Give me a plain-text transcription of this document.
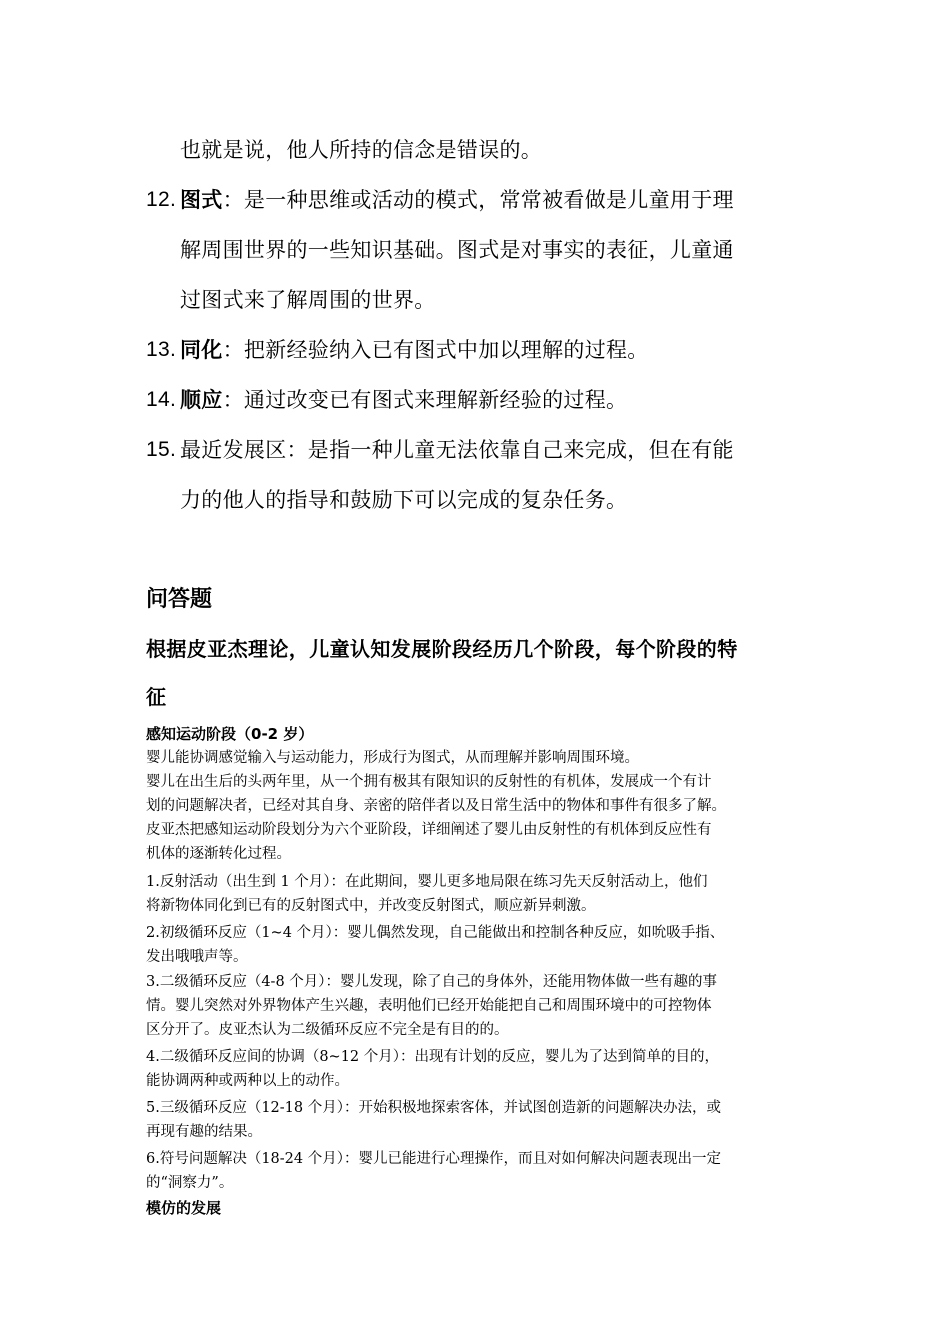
也就是说，他人所持的信念是错误的。
12. 图式：是一种思维或活动的模式，常常被看做是儿童用于理
解周围世界的一些知识基础。图式是对事实的表征，儿童通
过图式来了解周围的世界。
13. 同化：把新经验纳入已有图式中加以理解的过程。
14. 顺应：通过改变已有图式来理解新经验的过程。
15. 最近发展区：是指一种儿童无法依靠自己来完成，但在有能
力的他人的指导和鼓励下可以完成的复杂任务。
问答题
根据皮亚杰理论，儿童认知发展阶段经历几个阶段，每个阶段的特
征
感知运动阶段（0-2 岁）
婴儿能协调感觉输入与运动能力，形成行为图式，从而理解并影响周围环境。
婴儿在出生后的头两年里，从一个拥有极其有限知识的反射性的有机体，发展成一个有计
划的问题解决者，已经对其自身、亲密的陪伴者以及日常生活中的物体和事件有很多了解。
皮亚杰把感知运动阶段划分为六个亚阶段，详细阐述了婴儿由反射性的有机体到反应性有
机体的逐渐转化过程。
1.反射活动（出生到 1 个月）：在此期间，婴儿更多地局限在练习先天反射活动上，他们
将新物体同化到已有的反射图式中，并改变反射图式，顺应新异刺激。
2.初级循环反应（1~4 个月）：婴儿偶然发现，自己能做出和控制各种反应，如吮吸手指、
发出哦哦声等。
3.二级循环反应（4-8 个月）：婴儿发现，除了自己的身体外，还能用物体做一些有趣的事
情。婴儿突然对外界物体产生兴趣，表明他们已经开始能把自己和周围环境中的可控物体
区分开了。皮亚杰认为二级循环反应不完全是有目的的。
4.二级循环反应间的协调（8~12 个月）：出现有计划的反应，婴儿为了达到简单的目的，
能协调两种或两种以上的动作。
5.三级循环反应（12-18 个月）：开始积极地探索客体，并试图创造新的问题解决办法，或
再现有趣的结果。
6.符号问题解决（18-24 个月）：婴儿已能进行心理操作，而且对如何解决问题表现出一定
的“洞察力”。
模仿的发展
